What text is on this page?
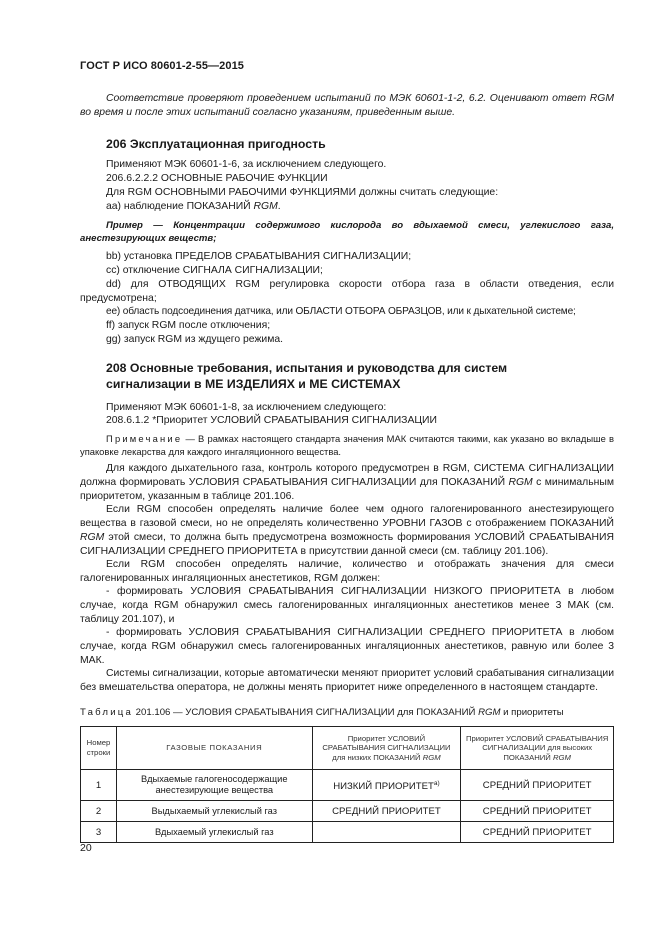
ГОСТ Р ИСО 80601-2-55—2015
Соответствие проверяют проведением испытаний по МЭК 60601-1-2, 6.2. Оценивают ответ RGM во время и после этих испытаний согласно указаниям, приведенным выше.
206 Эксплуатационная пригодность
Применяют МЭК 60601-1-6, за исключением следующего.
206.6.2.2.2 ОСНОВНЫЕ РАБОЧИЕ ФУНКЦИИ
Для RGM ОСНОВНЫМИ РАБОЧИМИ ФУНКЦИЯМИ должны считать следующие:
aa) наблюдение ПОКАЗАНИЙ RGM.
Пример — Концентрации содержимого кислорода во вдыхаемой смеси, углекислого газа, анестезирующих веществ;
bb) установка ПРЕДЕЛОВ СРАБАТЫВАНИЯ СИГНАЛИЗАЦИИ;
cc) отключение СИГНАЛА СИГНАЛИЗАЦИИ;
dd) для ОТВОДЯЩИХ RGM регулировка скорости отбора газа в области отведения, если предусмотрена;
ee) область подсоединения датчика, или ОБЛАСТИ ОТБОРА ОБРАЗЦОВ, или к дыхательной системе;
ff) запуск RGM после отключения;
gg) запуск RGM из ждущего режима.
208 Основные требования, испытания и руководства для систем
сигнализации в МЕ ИЗДЕЛИЯХ и МЕ СИСТЕМАХ
Применяют МЭК 60601-1-8, за исключением следующего:
208.6.1.2 *Приоритет УСЛОВИЙ СРАБАТЫВАНИЯ СИГНАЛИЗАЦИИ
Примечание — В рамках настоящего стандарта значения МАК считаются такими, как указано во вкладыше в упаковке лекарства для каждого ингаляционного вещества.
Для каждого дыхательного газа, контроль которого предусмотрен в RGM, СИСТЕМА СИГНАЛИЗАЦИИ должна формировать УСЛОВИЯ СРАБАТЫВАНИЯ СИГНАЛИЗАЦИИ для ПОКАЗАНИЙ RGM с минимальным приоритетом, указанным в таблице 201.106.
Если RGM способен определять наличие более чем одного галогенированного анестезирующего вещества в газовой смеси, но не определять количественно УРОВНИ ГАЗОВ с отображением ПОКАЗАНИЙ RGM этой смеси, то должна быть предусмотрена возможность формирования УСЛОВИЙ СРАБАТЫВАНИЯ СИГНАЛИЗАЦИИ СРЕДНЕГО ПРИОРИТЕТА в присутствии данной смеси (см. таблицу 201.106).
Если RGM способен определять наличие, количество и отображать значения для смеси галогенированных ингаляционных анестетиков, RGM должен:
- формировать УСЛОВИЯ СРАБАТЫВАНИЯ СИГНАЛИЗАЦИИ НИЗКОГО ПРИОРИТЕТА в любом случае, когда RGM обнаружил смесь галогенированных ингаляционных анестетиков менее 3 МАК (см. таблицу 201.107), и
- формировать УСЛОВИЯ СРАБАТЫВАНИЯ СИГНАЛИЗАЦИИ СРЕДНЕГО ПРИОРИТЕТА в любом случае, когда RGM обнаружил смесь галогенированных ингаляционных анестетиков, равную или более 3 МАК.
Системы сигнализации, которые автоматически меняют приоритет условий срабатывания сигнализации без вмешательства оператора, не должны менять приоритет ниже определенного в настоящем стандарте.
Таблица 201.106 — УСЛОВИЯ СРАБАТЫВАНИЯ СИГНАЛИЗАЦИИ для ПОКАЗАНИЙ RGM и приоритеты
Номер строки	ГАЗОВЫЕ ПОКАЗАНИЯ	Приоритет УСЛОВИЙ СРАБАТЫВАНИЯ СИГНАЛИЗАЦИИ для низких ПОКАЗАНИЙ RGM	Приоритет УСЛОВИЙ СРАБАТЫВАНИЯ СИГНАЛИЗАЦИИ для высоких ПОКАЗАНИЙ RGM
1	Вдыхаемые галогеносодержащие анестезирующие вещества	НИЗКИЙ $ПРИОРИТЕТ^{а)}$	СРЕДНИЙ ПРИОРИТЕТ
2	Выдыхаемый углекислый газ	СРЕДНИЙ ПРИОРИТЕТ	СРЕДНИЙ ПРИОРИТЕТ
3	Вдыхаемый углекислый газ		СРЕДНИЙ ПРИОРИТЕТ
20
